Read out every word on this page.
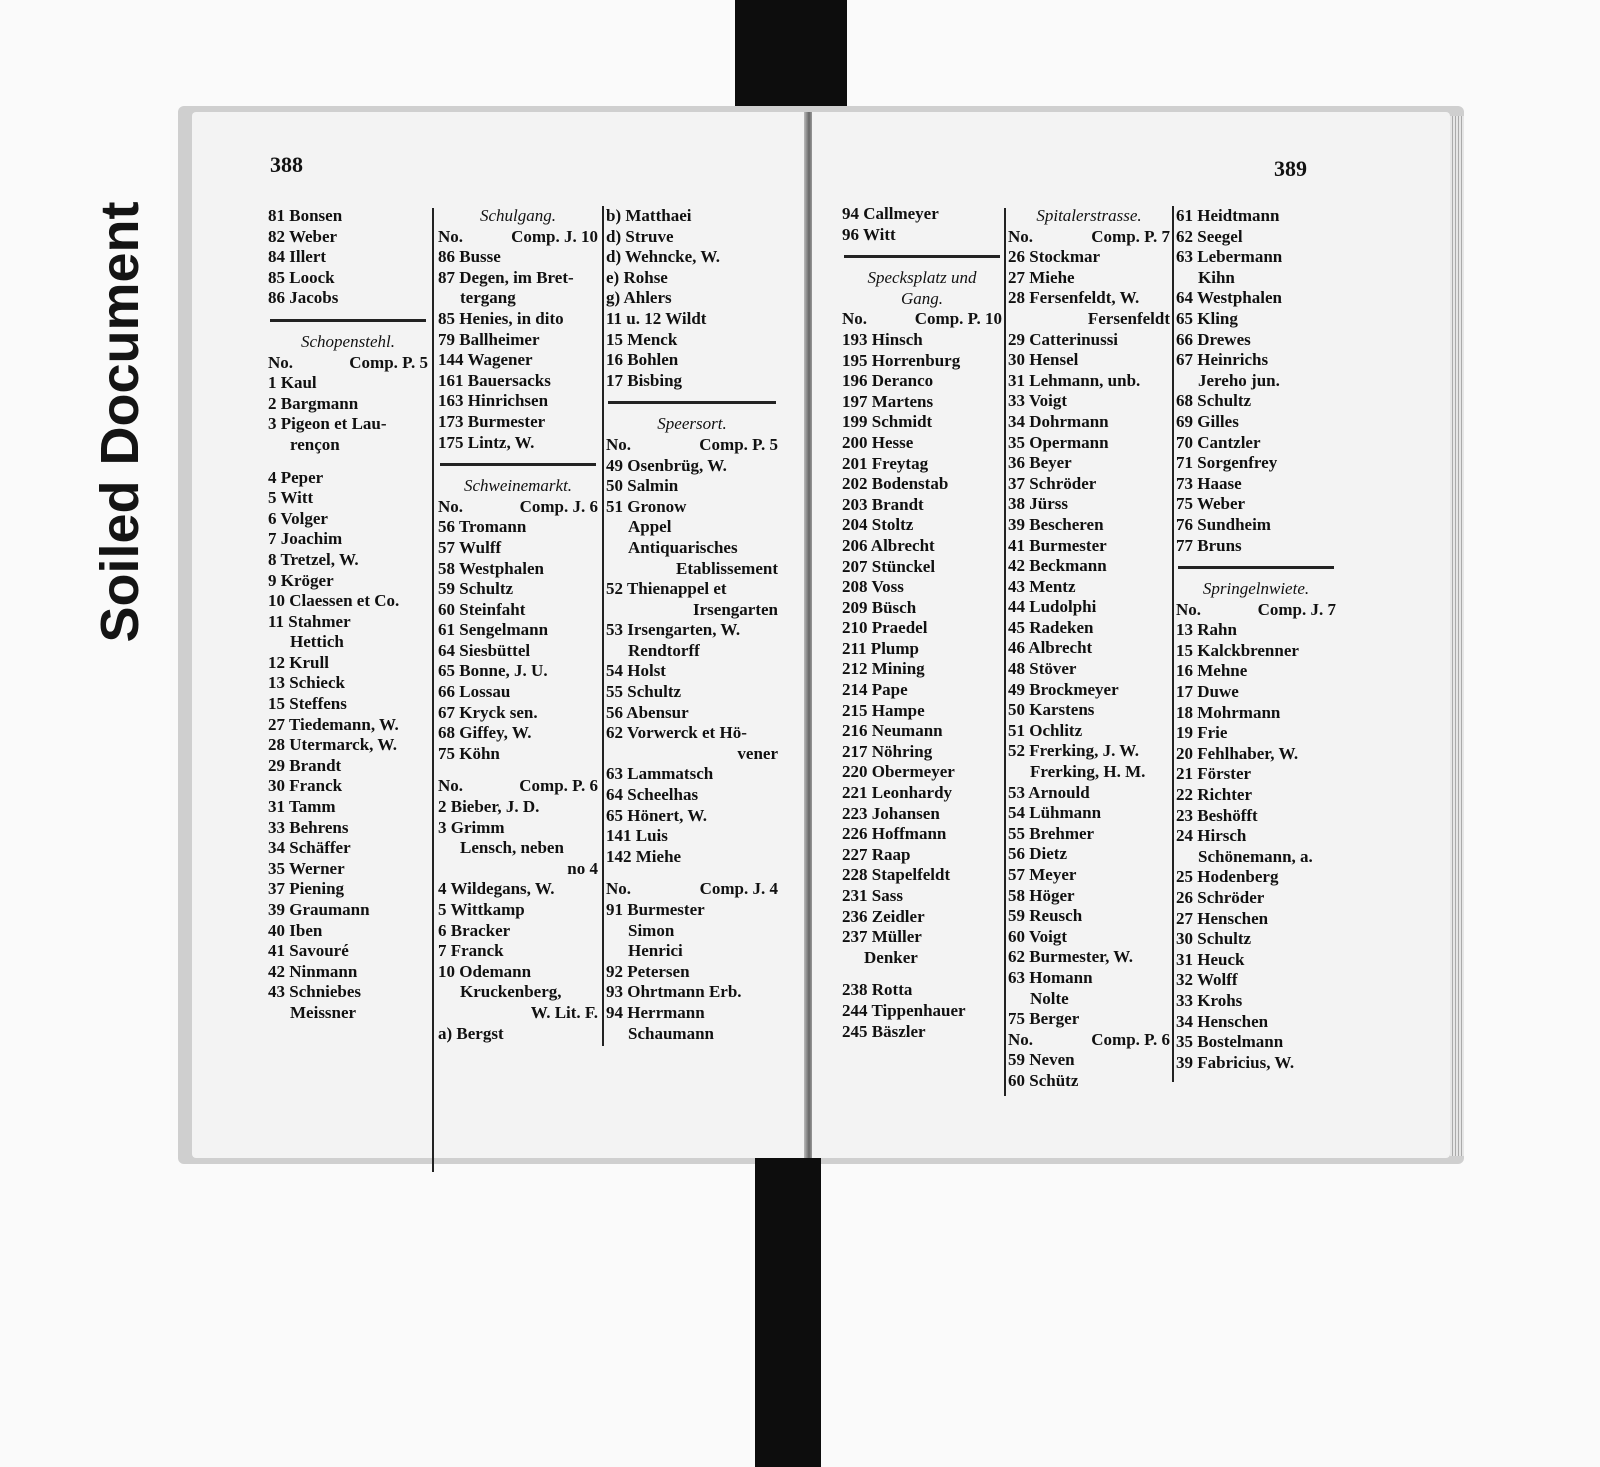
Soiled Document
388
81 Bonsen
82 Weber
84 Illert
85 Loock
86 Jacobs
Schopenstehl.
No.	Comp. P. 5
1 Kaul
2 Bargmann
3 Pigeon et Lau-
renҫon
4 Peper
5 Witt
6 Volger
7 Joachim
8 Tretzel, W.
9 Kröger
10 Claessen et Co.
11 Stahmer
Hettich
12 Krull
13 Schieck
15 Steffens
27 Tiedemann, W.
28 Utermarck, W.
29 Brandt
30 Franck
31 Tamm
33 Behrens
34 Schäffer
35 Werner
37 Piening
39 Graumann
40 Iben
41 Savouré
42 Ninmann
43 Schniebes
Meissner
Schulgang.
No.	Comp. J. 10
86 Busse
87 Degen, im Bret-
tergang
85 Henies, in dito
79 Ballheimer
144 Wagener
161 Bauersacks
163 Hinrichsen
173 Burmester
175 Lintz, W.
Schweinemarkt.
No.	Comp. J. 6
56 Tromann
57 Wulff
58 Westphalen
59 Schultz
60 Steinfaht
61 Sengelmann
64 Siesbüttel
65 Bonne, J. U.
66 Lossau
67 Kryck sen.
68 Giffey, W.
75 Köhn
No.	Comp. P. 6
2 Bieber, J. D.
3 Grimm
Lensch, neben
no 4
4 Wildegans, W.
5 Wittkamp
6 Bracker
7 Franck
10 Odemann
Kruckenberg,
W. Lit. F.
a) Bergst
b) Matthaei
d) Struve
d) Wehncke, W.
e) Rohse
g) Ahlers
11 u. 12 Wildt
15 Menck
16 Bohlen
17 Bisbing
Speersort.
No.	Comp. P. 5
49 Osenbrüg, W.
50 Salmin
51 Gronow
Appel
Antiquarisches
Etablissement
52 Thienappel et
Irsengarten
53 Irsengarten, W.
Rendtorff
54 Holst
55 Schultz
56 Abensur
62 Vorwerck et Hö-
vener
63 Lammatsch
64 Scheelhas
65 Hönert, W.
141 Luis
142 Miehe
No.	Comp. J. 4
91 Burmester
Simon
Henrici
92 Petersen
93 Ohrtmann Erb.
94 Herrmann
Schaumann
389
94 Callmeyer
96 Witt
Specksplatz und
Gang.
No.	Comp. P. 10
193 Hinsch
195 Horrenburg
196 Deranco
197 Martens
199 Schmidt
200 Hesse
201 Freytag
202 Bodenstab
203 Brandt
204 Stoltz
206 Albrecht
207 Stünckel
208 Voss
209 Büsch
210 Praedel
211 Plump
212 Mining
214 Pape
215 Hampe
216 Neumann
217 Nöhring
220 Obermeyer
221 Leonhardy
223 Johansen
226 Hoffmann
227 Raap
228 Stapelfeldt
231 Sass
236 Zeidler
237 Müller
Denker
238 Rotta
244 Tippenhauer
245 Bäszler
Spitalerstrasse.
No.	Comp. P. 7
26 Stockmar
27 Miehe
28 Fersenfeldt, W.
Fersenfeldt
29 Catterinussi
30 Hensel
31 Lehmann, unb.
33 Voigt
34 Dohrmann
35 Opermann
36 Beyer
37 Schröder
38 Jürss
39 Bescheren
41 Burmester
42 Beckmann
43 Mentz
44 Ludolphi
45 Radeken
46 Albrecht
48 Stöver
49 Brockmeyer
50 Karstens
51 Ochlitz
52 Frerking, J. W.
Frerking, H. M.
53 Arnould
54 Lühmann
55 Brehmer
56 Dietz
57 Meyer
58 Höger
59 Reusch
60 Voigt
62 Burmester, W.
63 Homann
Nolte
75 Berger
No.	Comp. P. 6
59 Neven
60 Schütz
61 Heidtmann
62 Seegel
63 Lebermann
Kihn
64 Westphalen
65 Kling
66 Drewes
67 Heinrichs
Jereho jun.
68 Schultz
69 Gilles
70 Cantzler
71 Sorgenfrey
73 Haase
75 Weber
76 Sundheim
77 Bruns
Springelnwiete.
No.	Comp. J. 7
13 Rahn
15 Kalckbrenner
16 Mehne
17 Duwe
18 Mohrmann
19 Frie
20 Fehlhaber, W.
21 Förster
22 Richter
23 Beshöfft
24 Hirsch
Schönemann, a.
25 Hodenberg
26 Schröder
27 Henschen
30 Schultz
31 Heuck
32 Wolff
33 Krohs
34 Henschen
35 Bostelmann
39 Fabricius, W.
